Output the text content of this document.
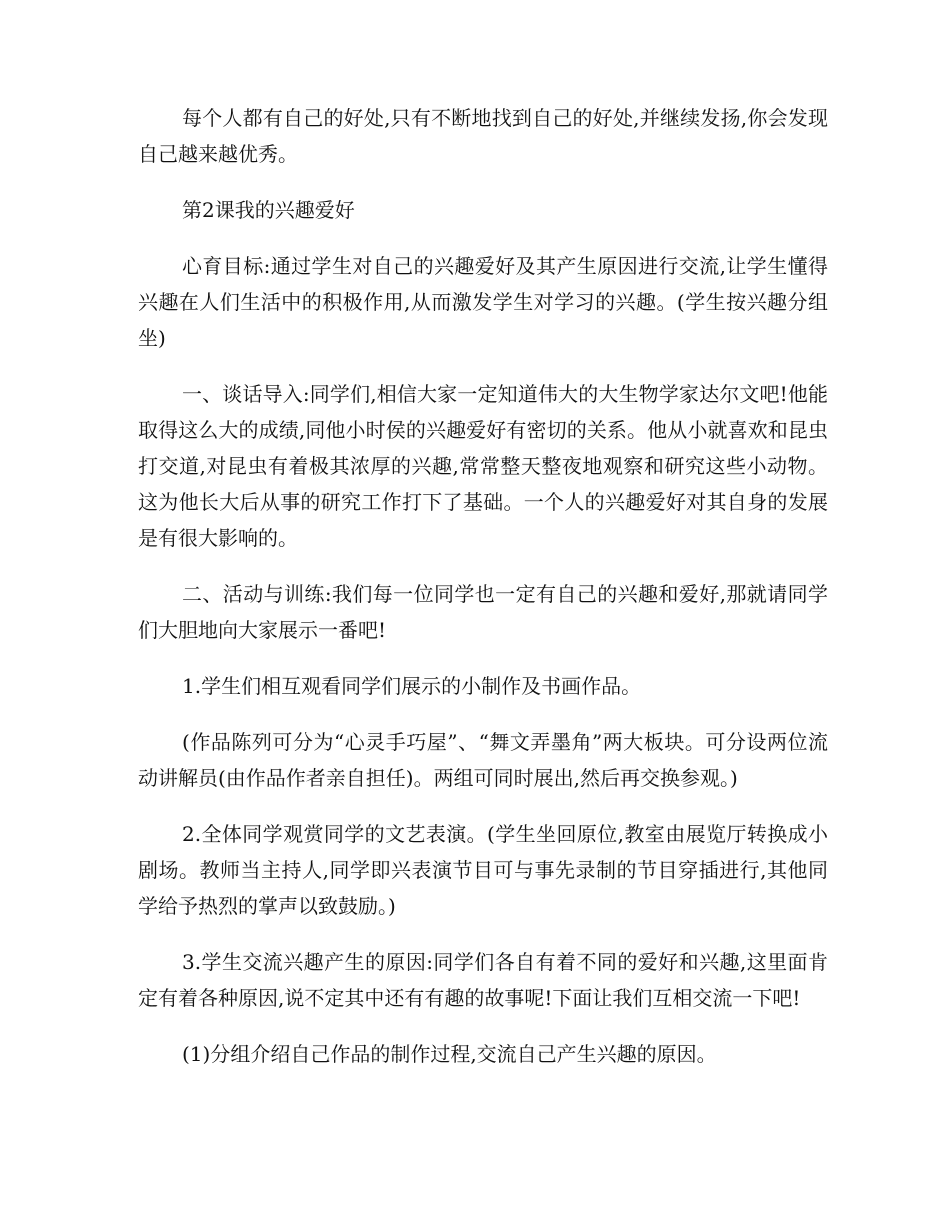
每个人都有自己的好处,只有不断地找到自己的好处,并继续发扬,你会发现自己越来越优秀。

第2课我的兴趣爱好

心育目标:通过学生对自己的兴趣爱好及其产生原因进行交流,让学生懂得兴趣在人们生活中的积极作用,从而激发学生对学习的兴趣。(学生按兴趣分组坐)

一、谈话导入:同学们,相信大家一定知道伟大的大生物学家达尔文吧!他能取得这么大的成绩,同他小时侯的兴趣爱好有密切的关系。他从小就喜欢和昆虫打交道,对昆虫有着极其浓厚的兴趣,常常整天整夜地观察和研究这些小动物。这为他长大后从事的研究工作打下了基础。一个人的兴趣爱好对其自身的发展是有很大影响的。

二、活动与训练:我们每一位同学也一定有自己的兴趣和爱好,那就请同学们大胆地向大家展示一番吧!

1.学生们相互观看同学们展示的小制作及书画作品。

(作品陈列可分为“心灵手巧屋”、“舞文弄墨角”两大板块。可分设两位流动讲解员(由作品作者亲自担任)。两组可同时展出,然后再交换参观。)

2.全体同学观赏同学的文艺表演。(学生坐回原位,教室由展览厅转换成小剧场。教师当主持人,同学即兴表演节目可与事先录制的节目穿插进行,其他同学给予热烈的掌声以致鼓励。)

3.学生交流兴趣产生的原因:同学们各自有着不同的爱好和兴趣,这里面肯定有着各种原因,说不定其中还有有趣的故事呢!下面让我们互相交流一下吧!

(1)分组介绍自己作品的制作过程,交流自己产生兴趣的原因。
